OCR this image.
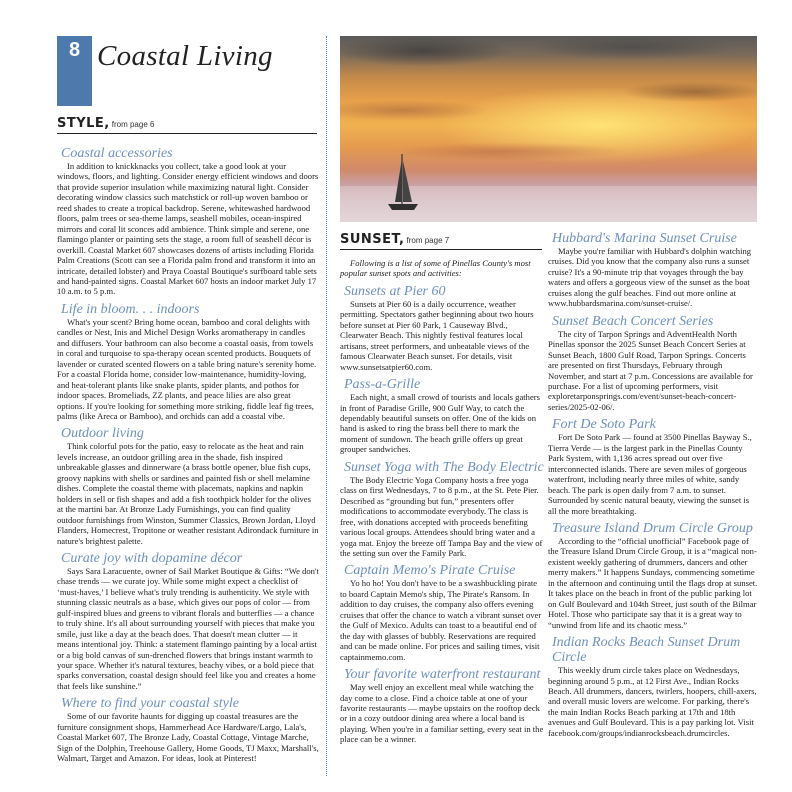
8 Coastal Living
STYLE, from page 6
Coastal accessories

In addition to knickknacks you collect, take a good look at your windows, floors, and lighting. Consider energy efficient windows and doors that provide superior insulation while maximizing natural light. Consider decorating window classics such matchstick or roll-up woven bamboo or reed shades to create a tropical backdrop. Serene, whitewashed hardwood floors, palm trees or sea-theme lamps, seashell mobiles, ocean-inspired mirrors and coral lit sconces add ambience. Think simple and serene, one flamingo planter or painting sets the stage, a room full of seashell décor is overkill. Coastal Market 607 showcases dozens of artists including Florida Palm Creations (Scott can see a Florida palm frond and transform it into an intricate, detailed lobster) and Praya Coastal Boutique's surfboard table sets and hand-painted signs. Coastal Market 607 hosts an indoor market July 17 10 a.m. to 5 p.m.

Life in bloom. . . indoors

What's your scent? Bring home ocean, bamboo and coral delights with candles or Nest, Inis and Michel Design Works aromatherapy in candles and diffusers. Your bathroom can also become a coastal oasis, from towels in coral and turquoise to spa-therapy ocean scented products. Bouquets of lavender or curated scented flowers on a table bring nature's serenity home. For a coastal Florida home, consider low-maintenance, humidity-loving, and heat-tolerant plants like snake plants, spider plants, and pothos for indoor spaces. Bromeliads, ZZ plants, and peace lilies are also great options. If you're looking for something more striking, fiddle leaf fig trees, palms (like Areca or Bamboo), and orchids can add a coastal vibe.

Outdoor living

Think colorful pots for the patio, easy to relocate as the heat and rain levels increase, an outdoor grilling area in the shade, fish inspired unbreakable glasses and dinnerware (a brass bottle opener, blue fish cups, groovy napkins with shells or sardines and painted fish or shell melamine dishes. Complete the coastal theme with placemats, napkins and napkin holders in sell or fish shapes and add a fish toothpick holder for the olives at the martini bar. At Bronze Lady Furnishings, you can find quality outdoor furnishings from Winston, Summer Classics, Brown Jordan, Lloyd Flanders, Homecrest, Tropitone or weather resistant Adirondack furniture in nature's brightest palette.

Curate joy with dopamine décor

Says Sara Laracuente, owner of Sail Market Boutique & Gifts: “We don't chase trends — we curate joy. While some might expect a checklist of ‘must-haves,’ I believe what's truly trending is authenticity. We style with stunning classic neutrals as a base, which gives our pops of color — from gulf-inspired blues and greens to vibrant florals and butterflies — a chance to truly shine. It's all about surrounding yourself with pieces that make you smile, just like a day at the beach does. That doesn't mean clutter — it means intentional joy. Think: a statement flamingo painting by a local artist or a big bold canvas of sun-drenched flowers that brings instant warmth to your space. Whether it's natural textures, beachy vibes, or a bold piece that sparks conversation, coastal design should feel like you and creates a home that feels like sunshine.”

Where to find your coastal style

Some of our favorite haunts for digging up coastal treasures are the furniture consignment shops, Hammerhead Ace Hardware/Largo, Lala's, Coastal Market 607, The Bronze Lady, Coastal Cottage, Vintage Marche, Sign of the Dolphin, Treehouse Gallery, Home Goods, TJ Maxx, Marshall's, Walmart, Target and Amazon. For ideas, look at Pinterest!

SUNSET, from page 7

Following is a list of some of Pinellas County's most popular sunset spots and activities:

Sunsets at Pier 60

Sunsets at Pier 60 is a daily occurrence, weather permitting. Spectators gather beginning about two hours before sunset at Pier 60 Park, 1 Causeway Blvd., Clearwater Beach. This nightly festival features local artisans, street performers, and unbeatable views of the famous Clearwater Beach sunset. For details, visit www.sunsetsatpier60.com.

Pass-a-Grille

Each night, a small crowd of tourists and locals gathers in front of Paradise Grille, 900 Gulf Way, to catch the dependably beautiful sunsets on offer. One of the kids on hand is asked to ring the brass bell there to mark the moment of sundown. The beach grille offers up great grouper sandwiches.

Sunset Yoga with The Body Electric

The Body Electric Yoga Company hosts a free yoga class on first Wednesdays, 7 to 8 p.m., at the St. Pete Pier. Described as “grounding but fun,” presenters offer modifications to accommodate everybody. The class is free, with donations accepted with proceeds benefiting various local groups. Attendees should bring water and a yoga mat. Enjoy the breeze off Tampa Bay and the view of the setting sun over the Family Park.

Captain Memo's Pirate Cruise

Yo ho ho! You don't have to be a swashbuckling pirate to board Captain Memo's ship, The Pirate's Ransom. In addition to day cruises, the company also offers evening cruises that offer the chance to watch a vibrant sunset over the Gulf of Mexico. Adults can toast to a beautiful end of the day with glasses of bubbly. Reservations are required and can be made online. For prices and sailing times, visit captainmemo.com.

Your favorite waterfront restaurant

May well enjoy an excellent meal while watching the day come to a close. Find a choice table at one of your favorite restaurants — maybe upstairs on the rooftop deck or in a cozy outdoor dining area where a local band is playing. When you're in a familiar setting, every seat in the place can be a winner.

Hubbard's Marina Sunset Cruise

Maybe you're familiar with Hubbard's dolphin watching cruises. Did you know that the company also runs a sunset cruise? It's a 90-minute trip that voyages through the bay waters and offers a gorgeous view of the sunset as the boat cruises along the gulf beaches. Find out more online at www.hubbardsmarina.com/sunset-cruise/.

Sunset Beach Concert Series

The city of Tarpon Springs and AdventHealth North Pinellas sponsor the 2025 Sunset Beach Concert Series at Sunset Beach, 1800 Gulf Road, Tarpon Springs. Concerts are presented on first Thursdays, February through November, and start at 7 p.m. Concessions are available for purchase. For a list of upcoming performers, visit exploretarponsprings.com/event/sunset-beach-concert-series/2025-02-06/.

Fort De Soto Park

Fort De Soto Park — found at 3500 Pinellas Bayway S., Tierra Verde — is the largest park in the Pinellas County Park System, with 1,136 acres spread out over five interconnected islands. There are seven miles of gorgeous waterfront, including nearly three miles of white, sandy beach. The park is open daily from 7 a.m. to sunset. Surrounded by scenic natural beauty, viewing the sunset is all the more breathtaking.

Treasure Island Drum Circle Group

According to the “official unofficial” Facebook page of the Treasure Island Drum Circle Group, it is a “magical non-existent weekly gathering of drummers, dancers and other merry makers.” It happens Sundays, commencing sometime in the afternoon and continuing until the flags drop at sunset. It takes place on the beach in front of the public parking lot on Gulf Boulevard and 104th Street, just south of the Bilmar Hotel. Those who participate say that it is a great way to “unwind from life and its chaotic mess.”

Indian Rocks Beach Sunset Drum Circle

This weekly drum circle takes place on Wednesdays, beginning around 5 p.m., at 12 First Ave., Indian Rocks Beach. All drummers, dancers, twirlers, hoopers, chill-axers, and overall music lovers are welcome. For parking, there's the main Indian Rocks Beach parking at 17th and 18th avenues and Gulf Boulevard. This is a pay parking lot. Visit facebook.com/groups/indianrocksbeach.drumcircles.
